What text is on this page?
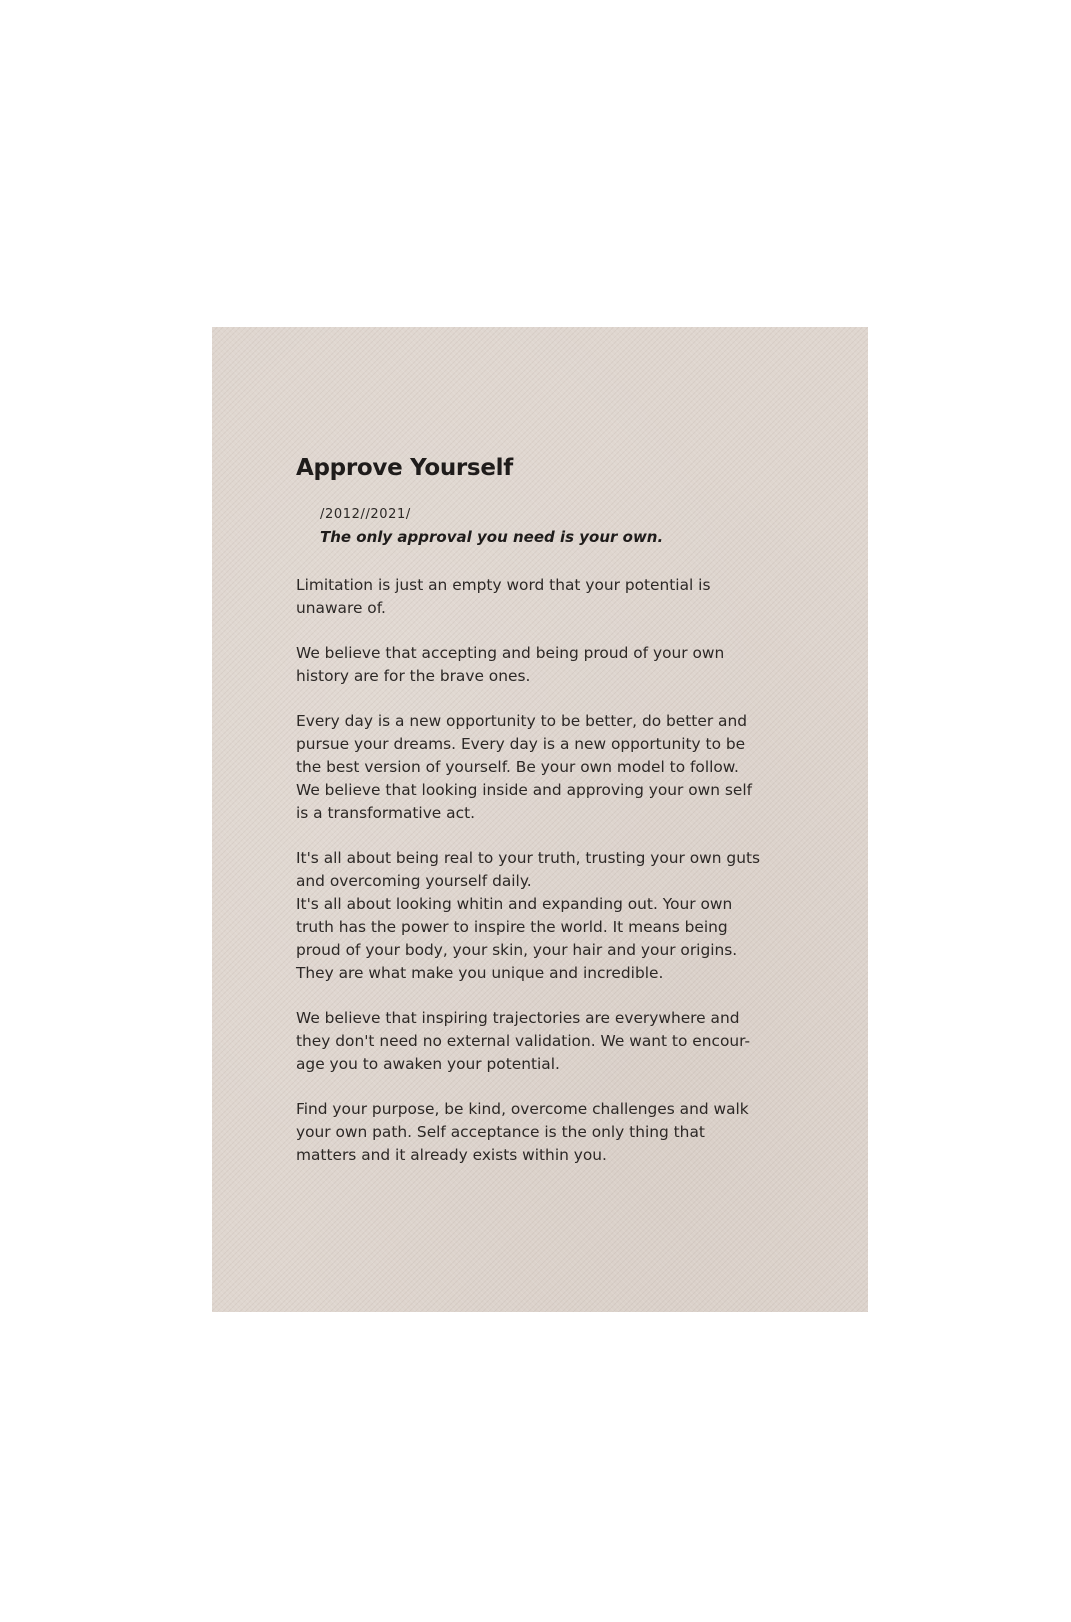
Approve Yourself
/2012//2021/
The only approval you need is your own.
Limitation is just an empty word that your potential is
unaware of.
We believe that accepting and being proud of your own
history are for the brave ones.
Every day is a new opportunity to be better, do better and
pursue your dreams. Every day is a new opportunity to be
the best version of yourself. Be your own model to follow.
We believe that looking inside and approving your own self
is a transformative act.
It's all about being real to your truth, trusting your own guts
and overcoming yourself daily.
It's all about looking whitin and expanding out. Your own
truth has the power to inspire the world. It means being
proud of your body, your skin, your hair and your origins.
They are what make you unique and incredible.
We believe that inspiring trajectories are everywhere and
they don't need no external validation. We want to encour-
age you to awaken your potential.
Find your purpose, be kind, overcome challenges and walk
your own path. Self acceptance is the only thing that
matters and it already exists within you.
